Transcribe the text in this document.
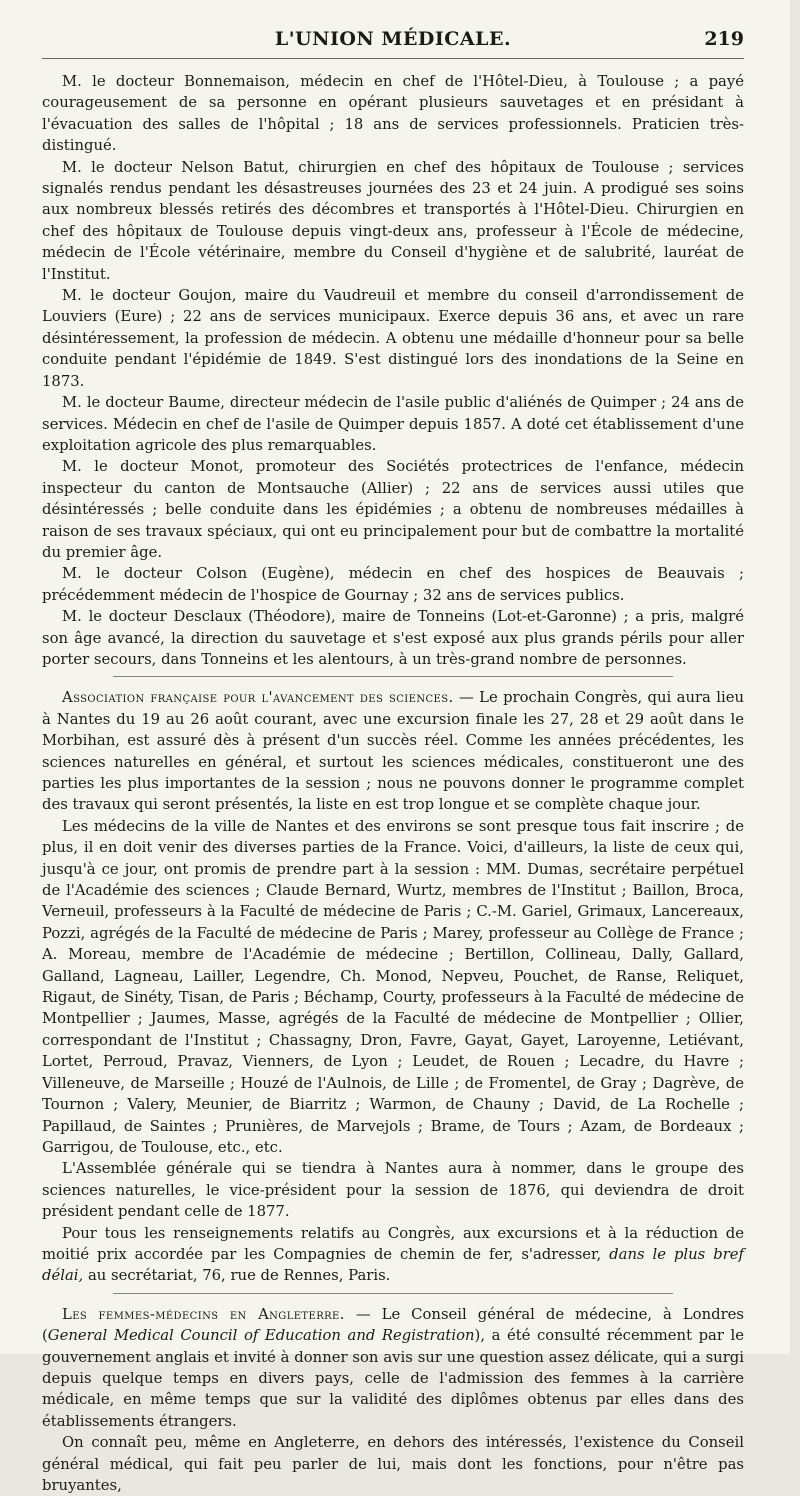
L'UNION MÉDICALE.	219

M. le docteur Bonnemaison, médecin en chef de l'Hôtel-Dieu, à Toulouse ; a payé courageusement de sa personne en opérant plusieurs sauvetages et en présidant à l'évacuation des salles de l'hôpital ; 18 ans de services professionnels. Praticien très-distingué.

M. le docteur Nelson Batut, chirurgien en chef des hôpitaux de Toulouse ; services signalés rendus pendant les désastreuses journées des 23 et 24 juin. A prodigué ses soins aux nombreux blessés retirés des décombres et transportés à l'Hôtel-Dieu. Chirurgien en chef des hôpitaux de Toulouse depuis vingt-deux ans, professeur à l'École de médecine, médecin de l'École vétérinaire, membre du Conseil d'hygiène et de salubrité, lauréat de l'Institut.

M. le docteur Goujon, maire du Vaudreuil et membre du conseil d'arrondissement de Louviers (Eure) ; 22 ans de services municipaux. Exerce depuis 36 ans, et avec un rare désintéressement, la profession de médecin. A obtenu une médaille d'honneur pour sa belle conduite pendant l'épidémie de 1849. S'est distingué lors des inondations de la Seine en 1873.

M. le docteur Baume, directeur médecin de l'asile public d'aliénés de Quimper ; 24 ans de services. Médecin en chef de l'asile de Quimper depuis 1857. A doté cet établissement d'une exploitation agricole des plus remarquables.

M. le docteur Monot, promoteur des Sociétés protectrices de l'enfance, médecin inspecteur du canton de Montsauche (Allier) ; 22 ans de services aussi utiles que désintéressés ; belle conduite dans les épidémies ; a obtenu de nombreuses médailles à raison de ses travaux spéciaux, qui ont eu principalement pour but de combattre la mortalité du premier âge.

M. le docteur Colson (Eugène), médecin en chef des hospices de Beauvais ; précédemment médecin de l'hospice de Gournay ; 32 ans de services publics.

M. le docteur Desclaux (Théodore), maire de Tonneins (Lot-et-Garonne) ; a pris, malgré son âge avancé, la direction du sauvetage et s'est exposé aux plus grands périls pour aller porter secours, dans Tonneins et les alentours, à un très-grand nombre de personnes.

Association française pour l'avancement des sciences. — Le prochain Congrès, qui aura lieu à Nantes du 19 au 26 août courant, avec une excursion finale les 27, 28 et 29 août dans le Morbihan, est assuré dès à présent d'un succès réel. Comme les années précédentes, les sciences naturelles en général, et surtout les sciences médicales, constitueront une des parties les plus importantes de la session ; nous ne pouvons donner le programme complet des travaux qui seront présentés, la liste en est trop longue et se complète chaque jour.

Les médecins de la ville de Nantes et des environs se sont presque tous fait inscrire ; de plus, il en doit venir des diverses parties de la France. Voici, d'ailleurs, la liste de ceux qui, jusqu'à ce jour, ont promis de prendre part à la session : MM. Dumas, secrétaire perpétuel de l'Académie des sciences ; Claude Bernard, Wurtz, membres de l'Institut ; Baillon, Broca, Verneuil, professeurs à la Faculté de médecine de Paris ; C.-M. Gariel, Grimaux, Lancereaux, Pozzi, agrégés de la Faculté de médecine de Paris ; Marey, professeur au Collège de France ; A. Moreau, membre de l'Académie de médecine ; Bertillon, Collineau, Dally, Gallard, Galland, Lagneau, Lailler, Legendre, Ch. Monod, Nepveu, Pouchet, de Ranse, Reliquet, Rigaut, de Sinéty, Tisan, de Paris ; Béchamp, Courty, professeurs à la Faculté de médecine de Montpellier ; Jaumes, Masse, agrégés de la Faculté de médecine de Montpellier ; Ollier, correspondant de l'Institut ; Chassagny, Dron, Favre, Gayat, Gayet, Laroyenne, Letiévant, Lortet, Perroud, Pravaz, Vienners, de Lyon ; Leudet, de Rouen ; Lecadre, du Havre ; Villeneuve, de Marseille ; Houzé de l'Aulnois, de Lille ; de Fromentel, de Gray ; Dagrève, de Tournon ; Valery, Meunier, de Biarritz ; Warmon, de Chauny ; David, de La Rochelle ; Papillaud, de Saintes ; Prunières, de Marvejols ; Brame, de Tours ; Azam, de Bordeaux ; Garrigou, de Toulouse, etc., etc.

L'Assemblée générale qui se tiendra à Nantes aura à nommer, dans le groupe des sciences naturelles, le vice-président pour la session de 1876, qui deviendra de droit président pendant celle de 1877.

Pour tous les renseignements relatifs au Congrès, aux excursions et à la réduction de moitié prix accordée par les Compagnies de chemin de fer, s'adresser, dans le plus bref délai, au secrétariat, 76, rue de Rennes, Paris.

Les femmes-médecins en Angleterre. — Le Conseil général de médecine, à Londres (General Medical Council of Education and Registration), a été consulté récemment par le gouvernement anglais et invité à donner son avis sur une question assez délicate, qui a surgi depuis quelque temps en divers pays, celle de l'admission des femmes à la carrière médicale, en même temps que sur la validité des diplômes obtenus par elles dans des établissements étrangers.

On connaît peu, même en Angleterre, en dehors des intéressés, l'existence du Conseil général médical, qui fait peu parler de lui, mais dont les fonctions, pour n'être pas bruyantes,
